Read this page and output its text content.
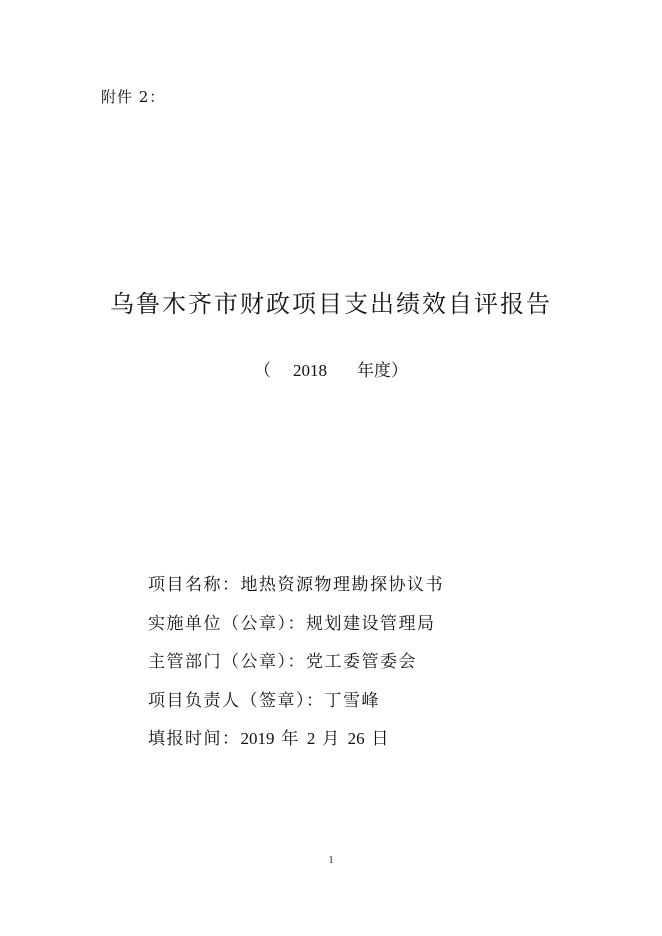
附件 2：
乌鲁木齐市财政项目支出绩效自评报告
（ 2018 年度）
项目名称：地热资源物理勘探协议书
实施单位（公章）：规划建设管理局
主管部门（公章）：党工委管委会
项目负责人（签章）：丁雪峰
填报时间：2019 年 2 月 26 日
1
